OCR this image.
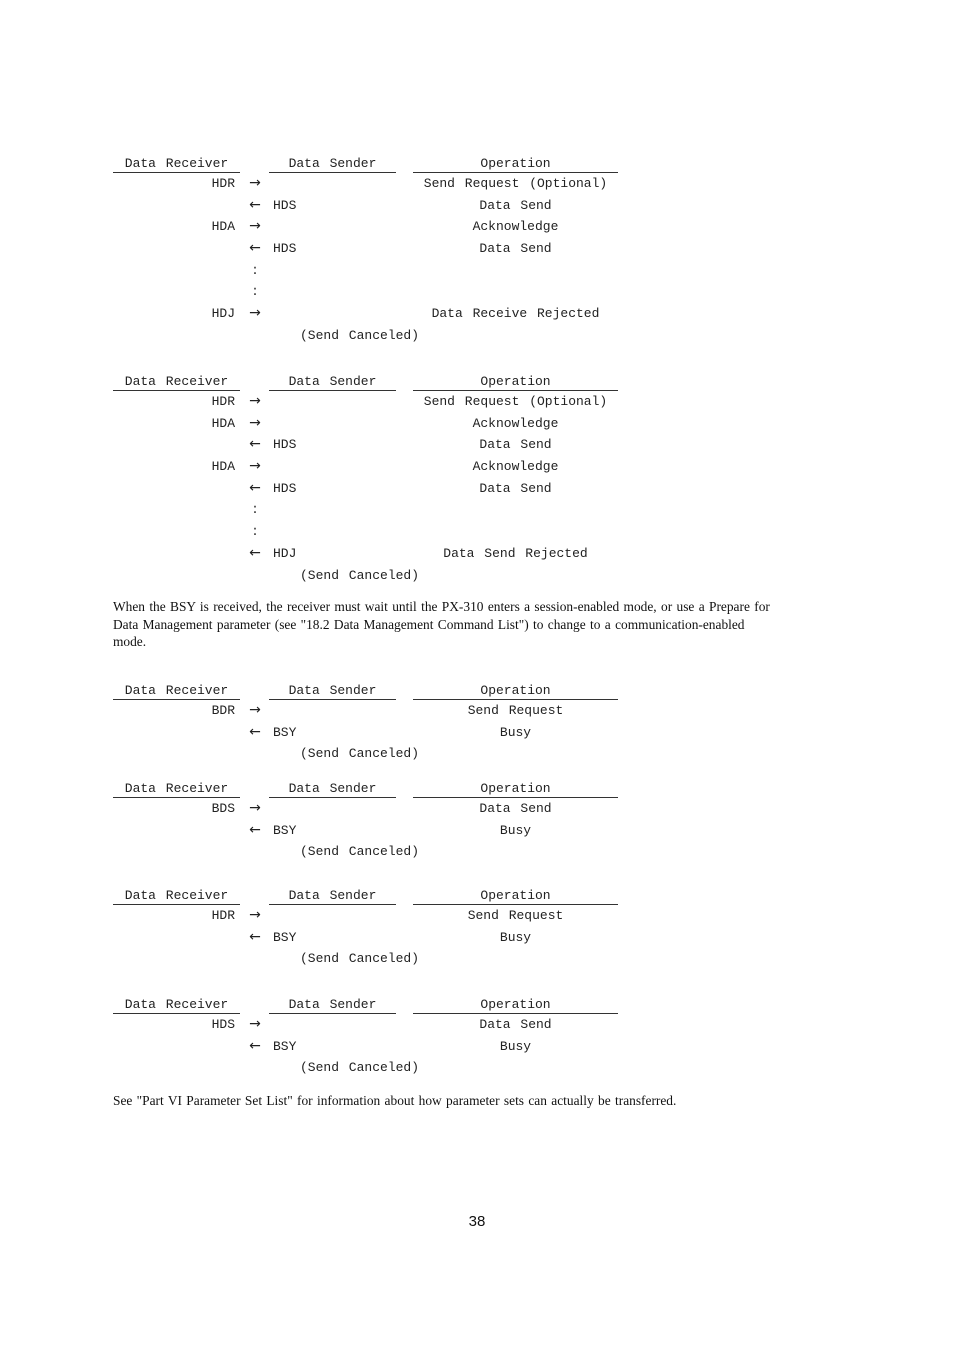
Data Receiver	Data Sender	Operation
HDR →	Send Request (Optional)
← HDS	Data Send
HDA →	Acknowledge
← HDS	Data Send
:
:
HDJ →	Data Receive Rejected
(Send Canceled)
Data Receiver	Data Sender	Operation
HDR →	Send Request (Optional)
HDA →	Acknowledge
← HDS	Data Send
HDA →	Acknowledge
← HDS	Data Send
:
:
← HDJ	Data Send Rejected
(Send Canceled)

When the BSY is received, the receiver must wait until the PX-310 enters a session-enabled mode, or use a Prepare for Data Management parameter (see "18.2 Data Management Command List") to change to a communication-enabled mode.

Data Receiver	Data Sender	Operation
BDR →	Send Request
← BSY	Busy
(Send Canceled)
Data Receiver	Data Sender	Operation
BDS →	Data Send
← BSY	Busy
(Send Canceled)
Data Receiver	Data Sender	Operation
HDR →	Send Request
← BSY	Busy
(Send Canceled)
Data Receiver	Data Sender	Operation
HDS →	Data Send
← BSY	Busy
(Send Canceled)

See "Part VI Parameter Set List" for information about how parameter sets can actually be transferred.

38
